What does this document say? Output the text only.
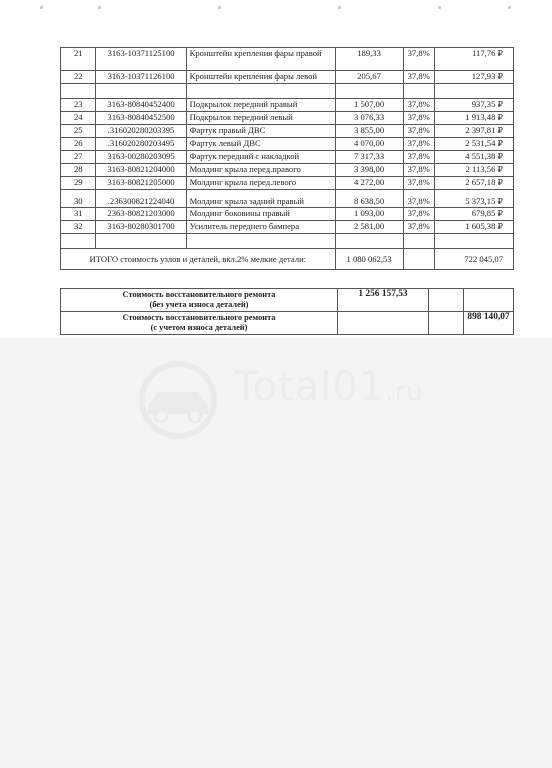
21	3163-10371125100	Кронштейн крепления фары правой	189,33	37,8%	117,76 ₽
22	3163-10371126100	Кронштейн крепления фары левой	205,67	37,8%	127,93 ₽

23	3163-80840452400	Подкрылок передний правый	1 507,00	37,8%	937,35 ₽
24	3163-80840452500	Подкрылок передний левый	3 076,33	37,8%	1 913,48 ₽
25	.316020280203395	Фартук правый ДВС	3 855,00	37,8%	2 397,81 ₽
26	.316020280203495	Фартук левый ДВС	4 070,00	37,8%	2 531,54 ₽
27	3163-00280203095	Фартук передний с накладкой	7 317,33	37,8%	4 551,38 ₽
28	3163-80821204000	Молдинг крыла перед.правого	3 398,00	37,8%	2 113,56 ₽
29	3163-80821205000	Молдинг крыла перед.левого	4 272,00	37,8%	2 657,18 ₽
30	.236300821224040	Молдинг крыла задний правый	8 638,50	37,8%	5 373,15 ₽
31	2363-80821203000	Молдинг боковины правый	1 093,00	37,8%	679,85 ₽
32	3163-80280301700	Усилитель переднего бампера	2 581,00	37,8%	1 605,38 ₽

ИТОГО стоимость узлов и деталей, вкл.2% мелкие детали:			1 080 062,53		722 045,07
Стоимость восстановительного ремонта
(без учета износа деталей)	1 256 157,53		

Стоимость восстановительного ремонта
(с учетом износа деталей)			898 140,07
Total01.ru
